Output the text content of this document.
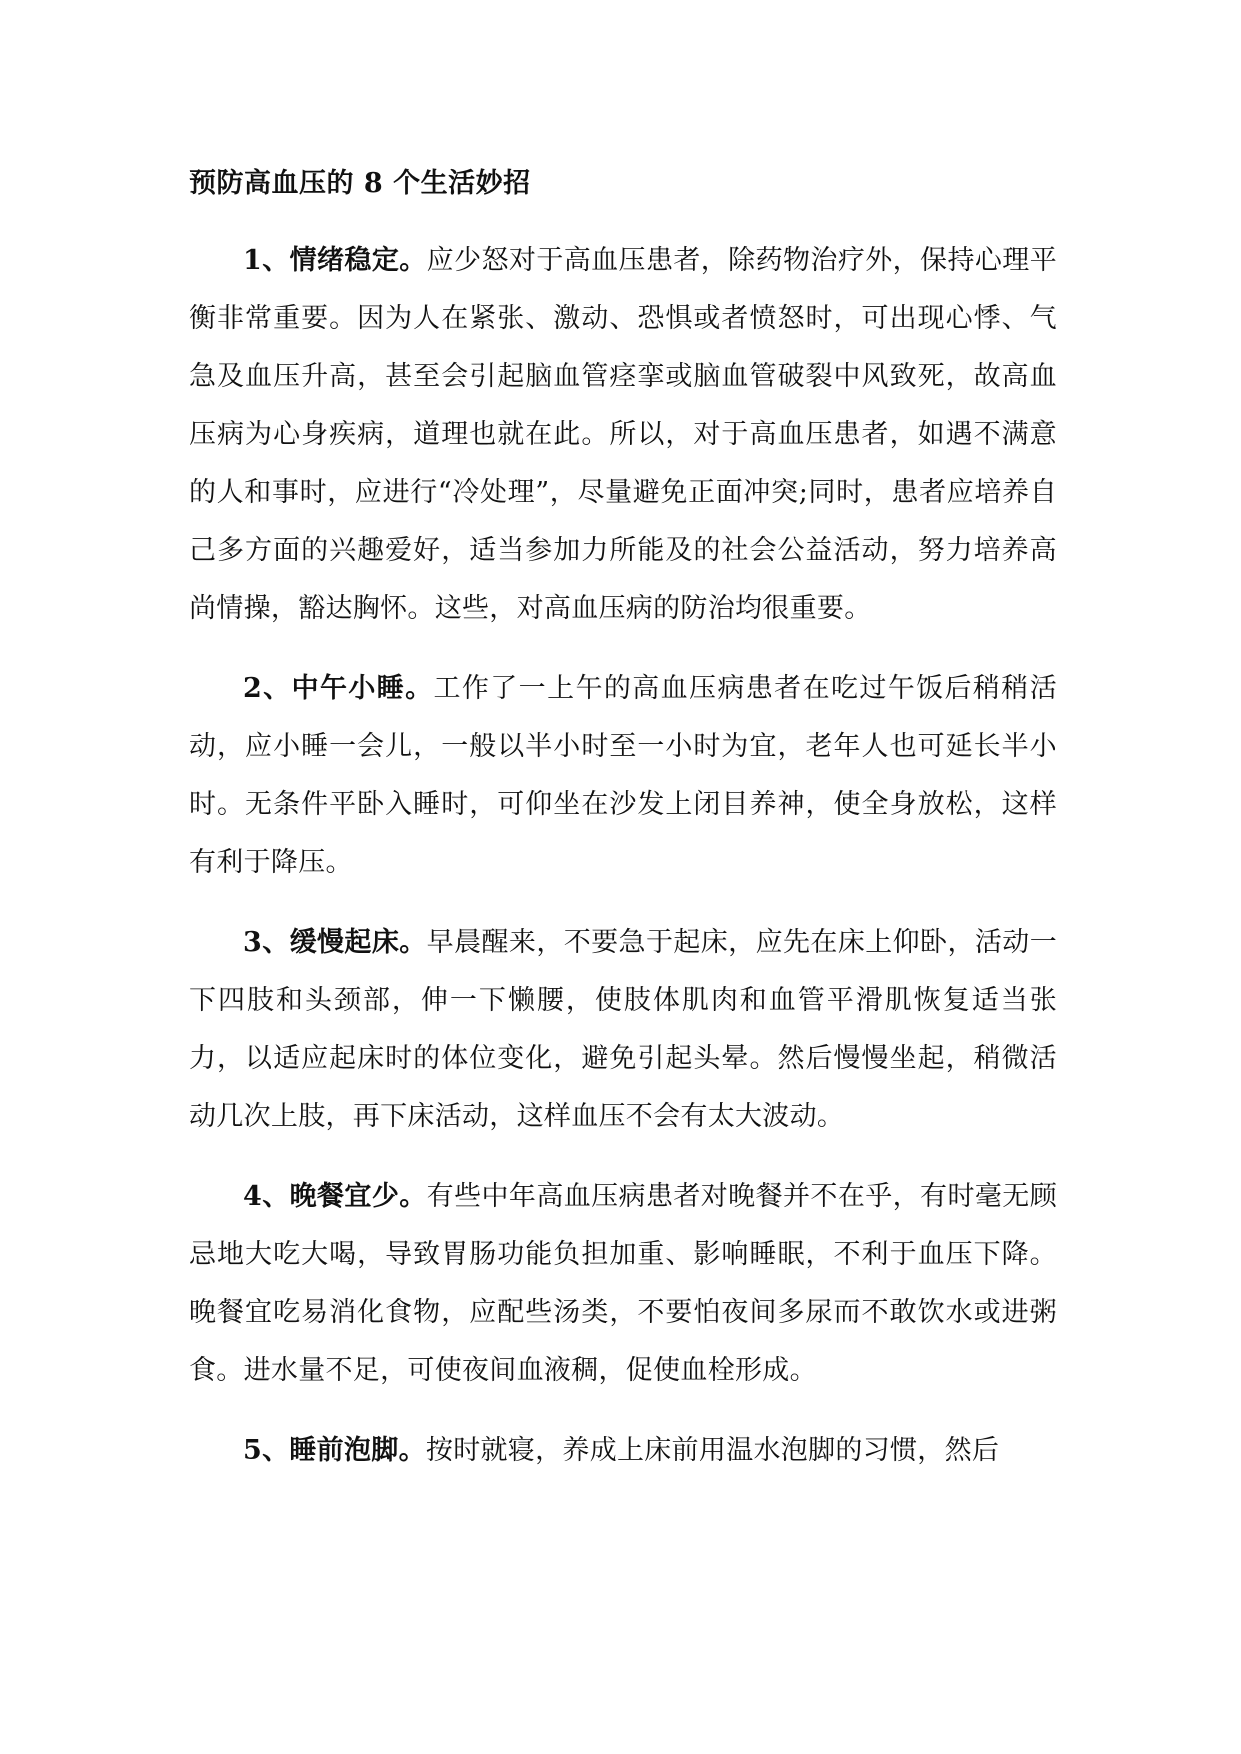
预防高血压的 8 个生活妙招

1、情绪稳定。应少怒对于高血压患者，除药物治疗外，保持心理平衡非常重要。因为人在紧张、激动、恐惧或者愤怒时，可出现心悸、气急及血压升高，甚至会引起脑血管痉挛或脑血管破裂中风致死，故高血压病为心身疾病，道理也就在此。所以，对于高血压患者，如遇不满意的人和事时，应进行“冷处理”，尽量避免正面冲突;同时，患者应培养自己多方面的兴趣爱好，适当参加力所能及的社会公益活动，努力培养高尚情操，豁达胸怀。这些，对高血压病的防治均很重要。

2、中午小睡。工作了一上午的高血压病患者在吃过午饭后稍稍活动，应小睡一会儿，一般以半小时至一小时为宜，老年人也可延长半小时。无条件平卧入睡时，可仰坐在沙发上闭目养神，使全身放松，这样有利于降压。

3、缓慢起床。早晨醒来，不要急于起床，应先在床上仰卧，活动一下四肢和头颈部，伸一下懒腰，使肢体肌肉和血管平滑肌恢复适当张力，以适应起床时的体位变化，避免引起头晕。然后慢慢坐起，稍微活动几次上肢，再下床活动，这样血压不会有太大波动。

4、晚餐宜少。有些中年高血压病患者对晚餐并不在乎，有时毫无顾忌地大吃大喝，导致胃肠功能负担加重、影响睡眠，不利于血压下降。晚餐宜吃易消化食物，应配些汤类，不要怕夜间多尿而不敢饮水或进粥食。进水量不足，可使夜间血液稠，促使血栓形成。

5、睡前泡脚。按时就寝，养成上床前用温水泡脚的习惯，然后
